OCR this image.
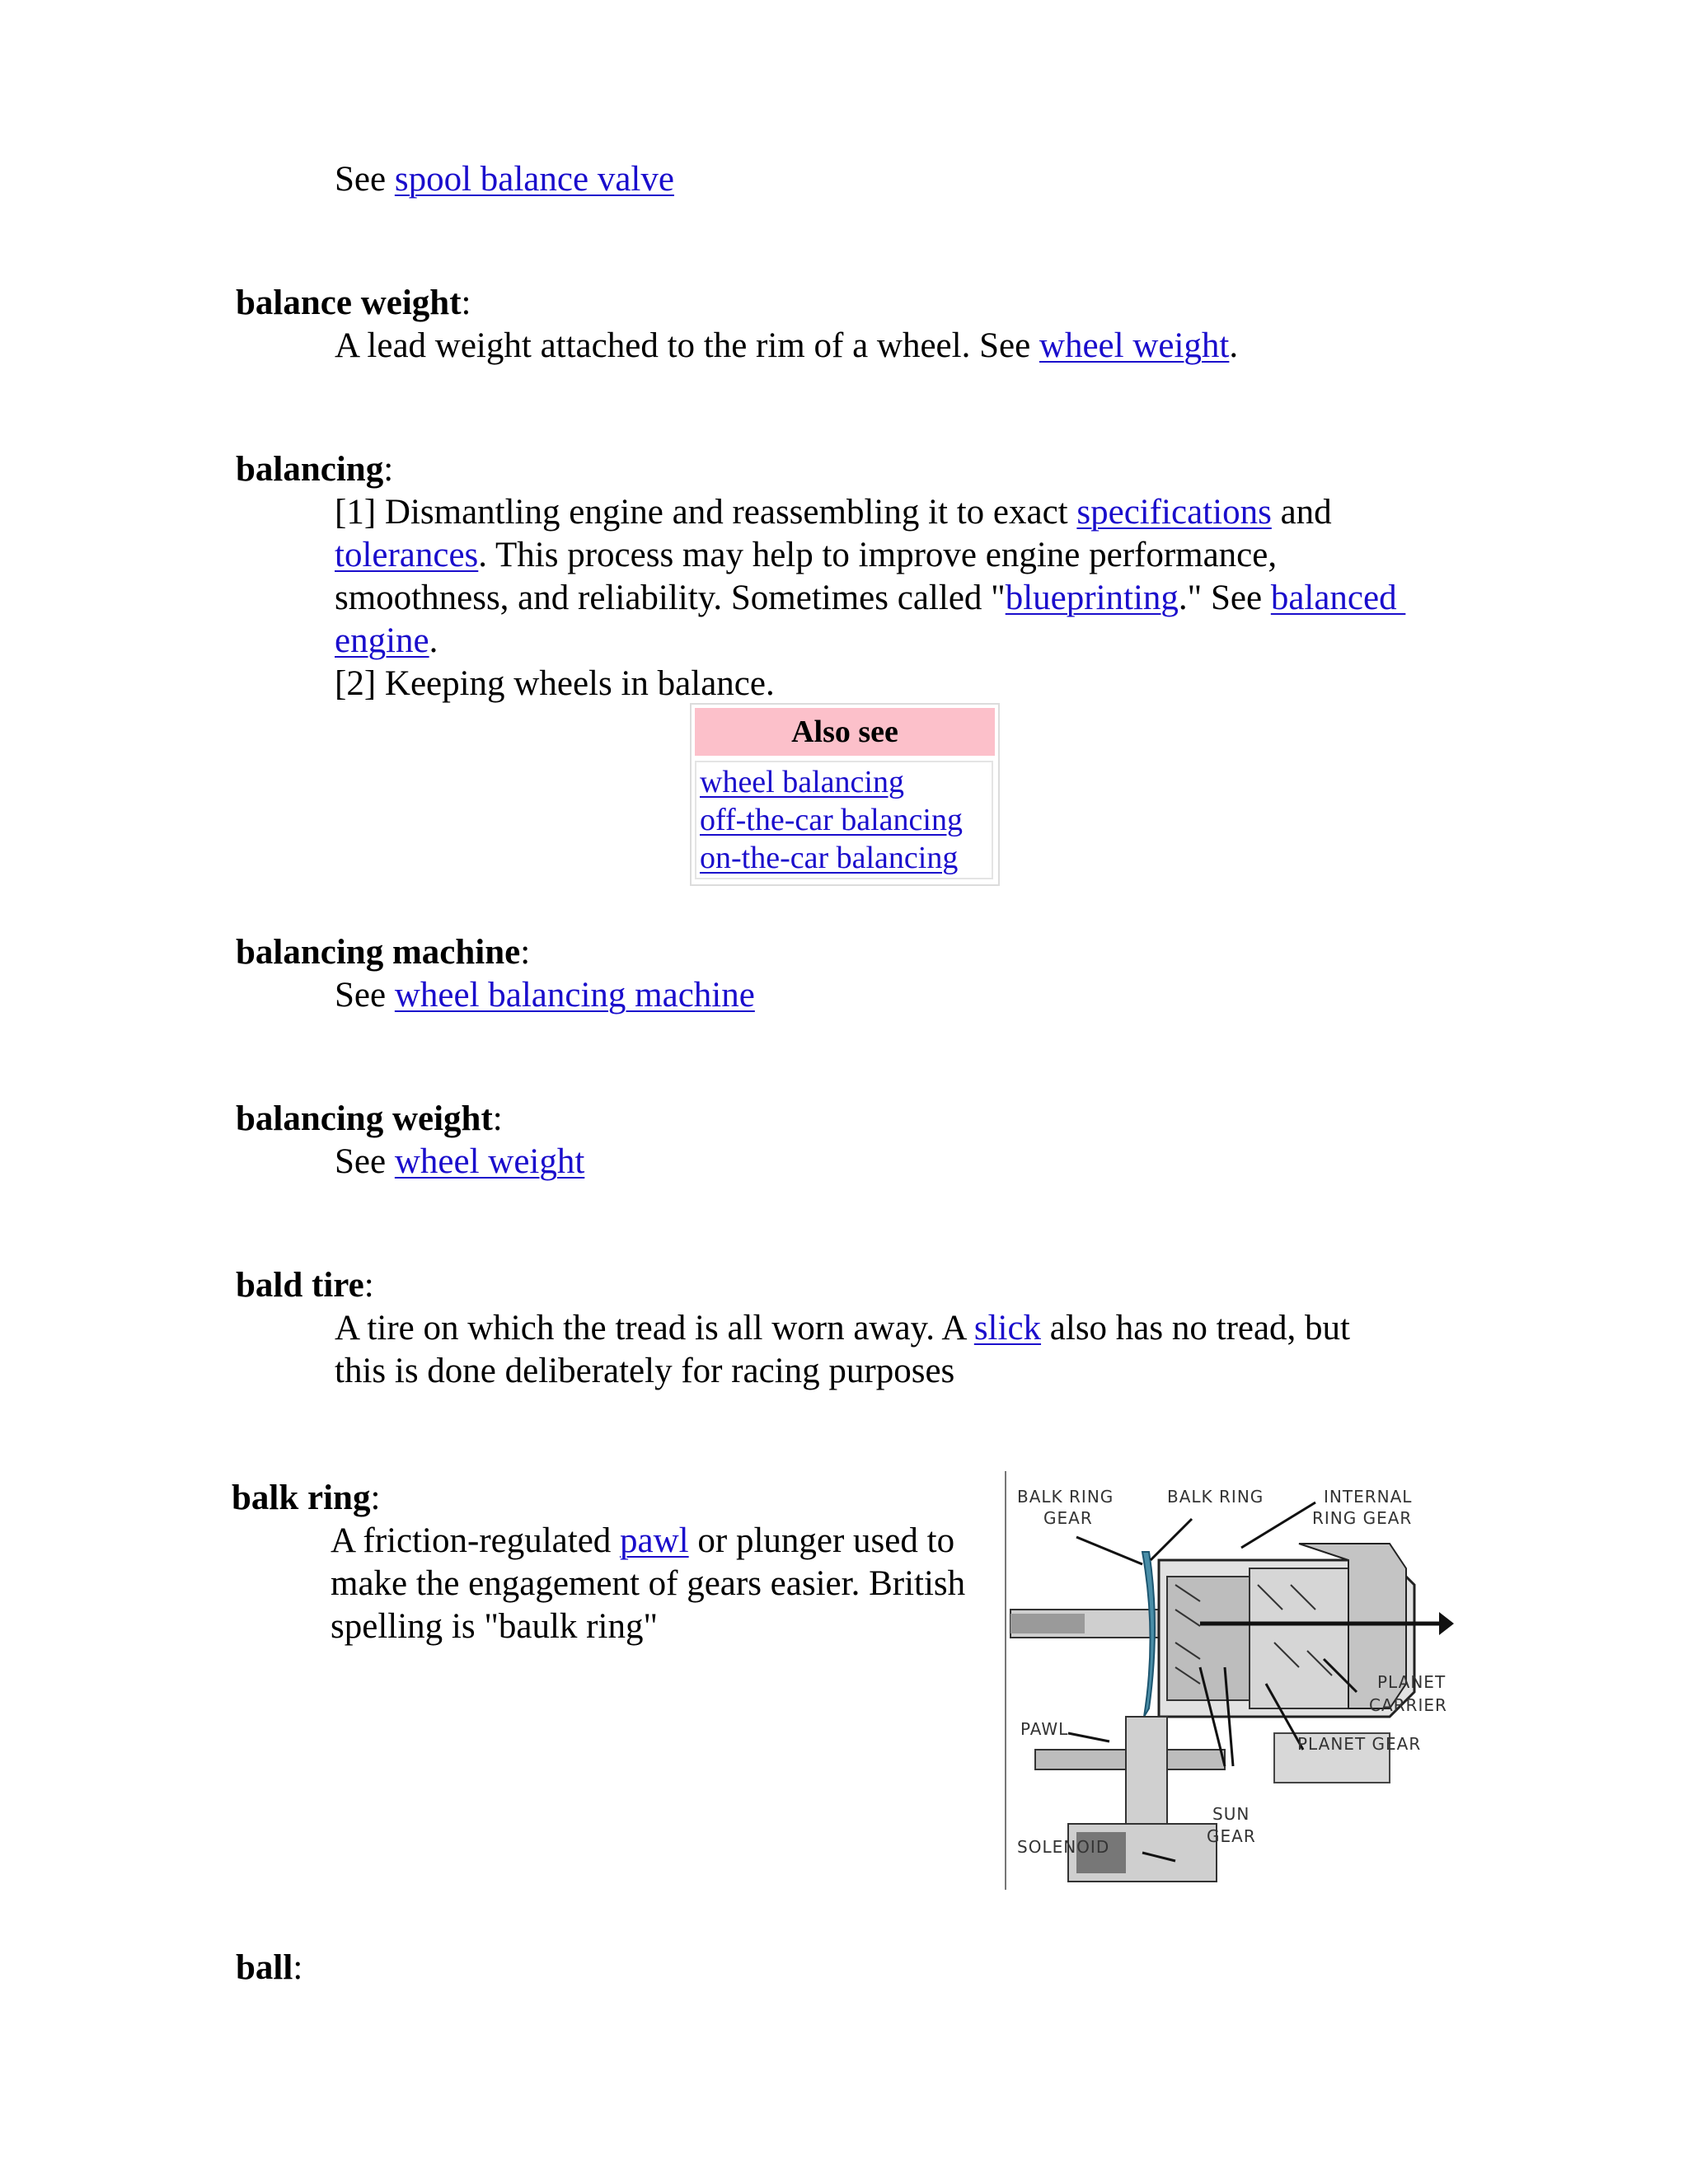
See spool balance valve
balance weight:
A lead weight attached to the rim of a wheel. See wheel weight.
balancing:
[1] Dismantling engine and reassembling it to exact specifications and
tolerances. This process may help to improve engine performance,
smoothness, and reliability. Sometimes called "blueprinting." See balanced
engine.
[2] Keeping wheels in balance.
Also see
wheel balancing
off-the-car balancing
on-the-car balancing
balancing machine:
See wheel balancing machine
balancing weight:
See wheel weight
bald tire:
A tire on which the tread is all worn away. A slick also has no tread, but
this is done deliberately for racing purposes
balk ring:
A friction-regulated pawl or plunger used to
make the engagement of gears easier. British
spelling is "baulk ring"
BALK RING
GEAR
BALK RING	INTERNAL
RING GEAR
PLANET
CARRIER
PAWL
PLANET GEAR
SUN
GEAR
SOLENOID
ball:
